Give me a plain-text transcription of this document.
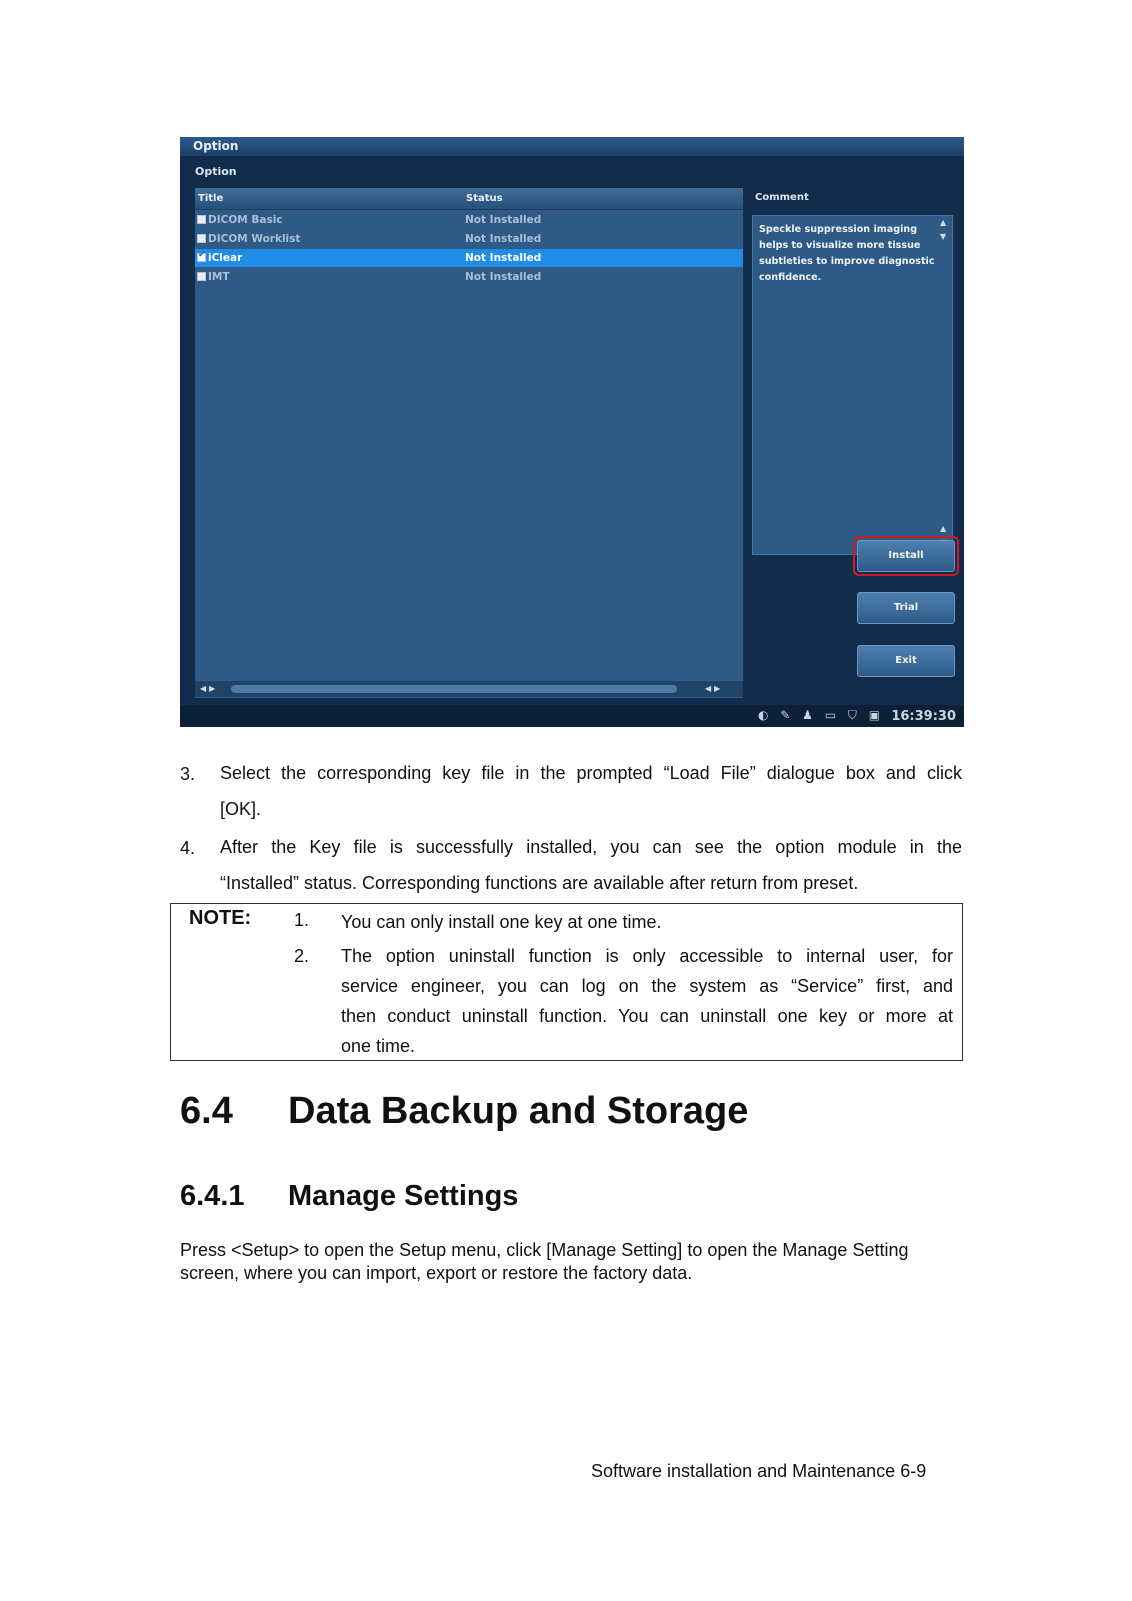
Option
Option
Title	Status
DICOM Basic	Not Installed
DICOM Worklist	Not Installed
✔ iClear	Not Installed
IMT	Not Installed
◀▶	◀▶
Comment
Speckle suppression imaging helps to visualize more tissue subtleties to improve diagnostic confidence.
▲
▼
▲
Install
Trial
Exit
◐ ✎ ♟ ▭ ⛉ ▣ 16:39:30
3. Select the corresponding key file in the prompted “Load File” dialogue box and click
[OK].
4. After the Key file is successfully installed, you can see the option module in the
“Installed” status. Corresponding functions are available after return from preset.
NOTE: 1. You can only install one key at one time.
2. The option uninstall function is only accessible to internal user, for
service engineer, you can log on the system as “Service” first, and
then conduct uninstall function. You can uninstall one key or more at
one time.
6.4 Data Backup and Storage
6.4.1 Manage Settings
Press <Setup> to open the Setup menu, click [Manage Setting] to open the Manage Setting screen, where you can import, export or restore the factory data.
Software installation and Maintenance 6-9
